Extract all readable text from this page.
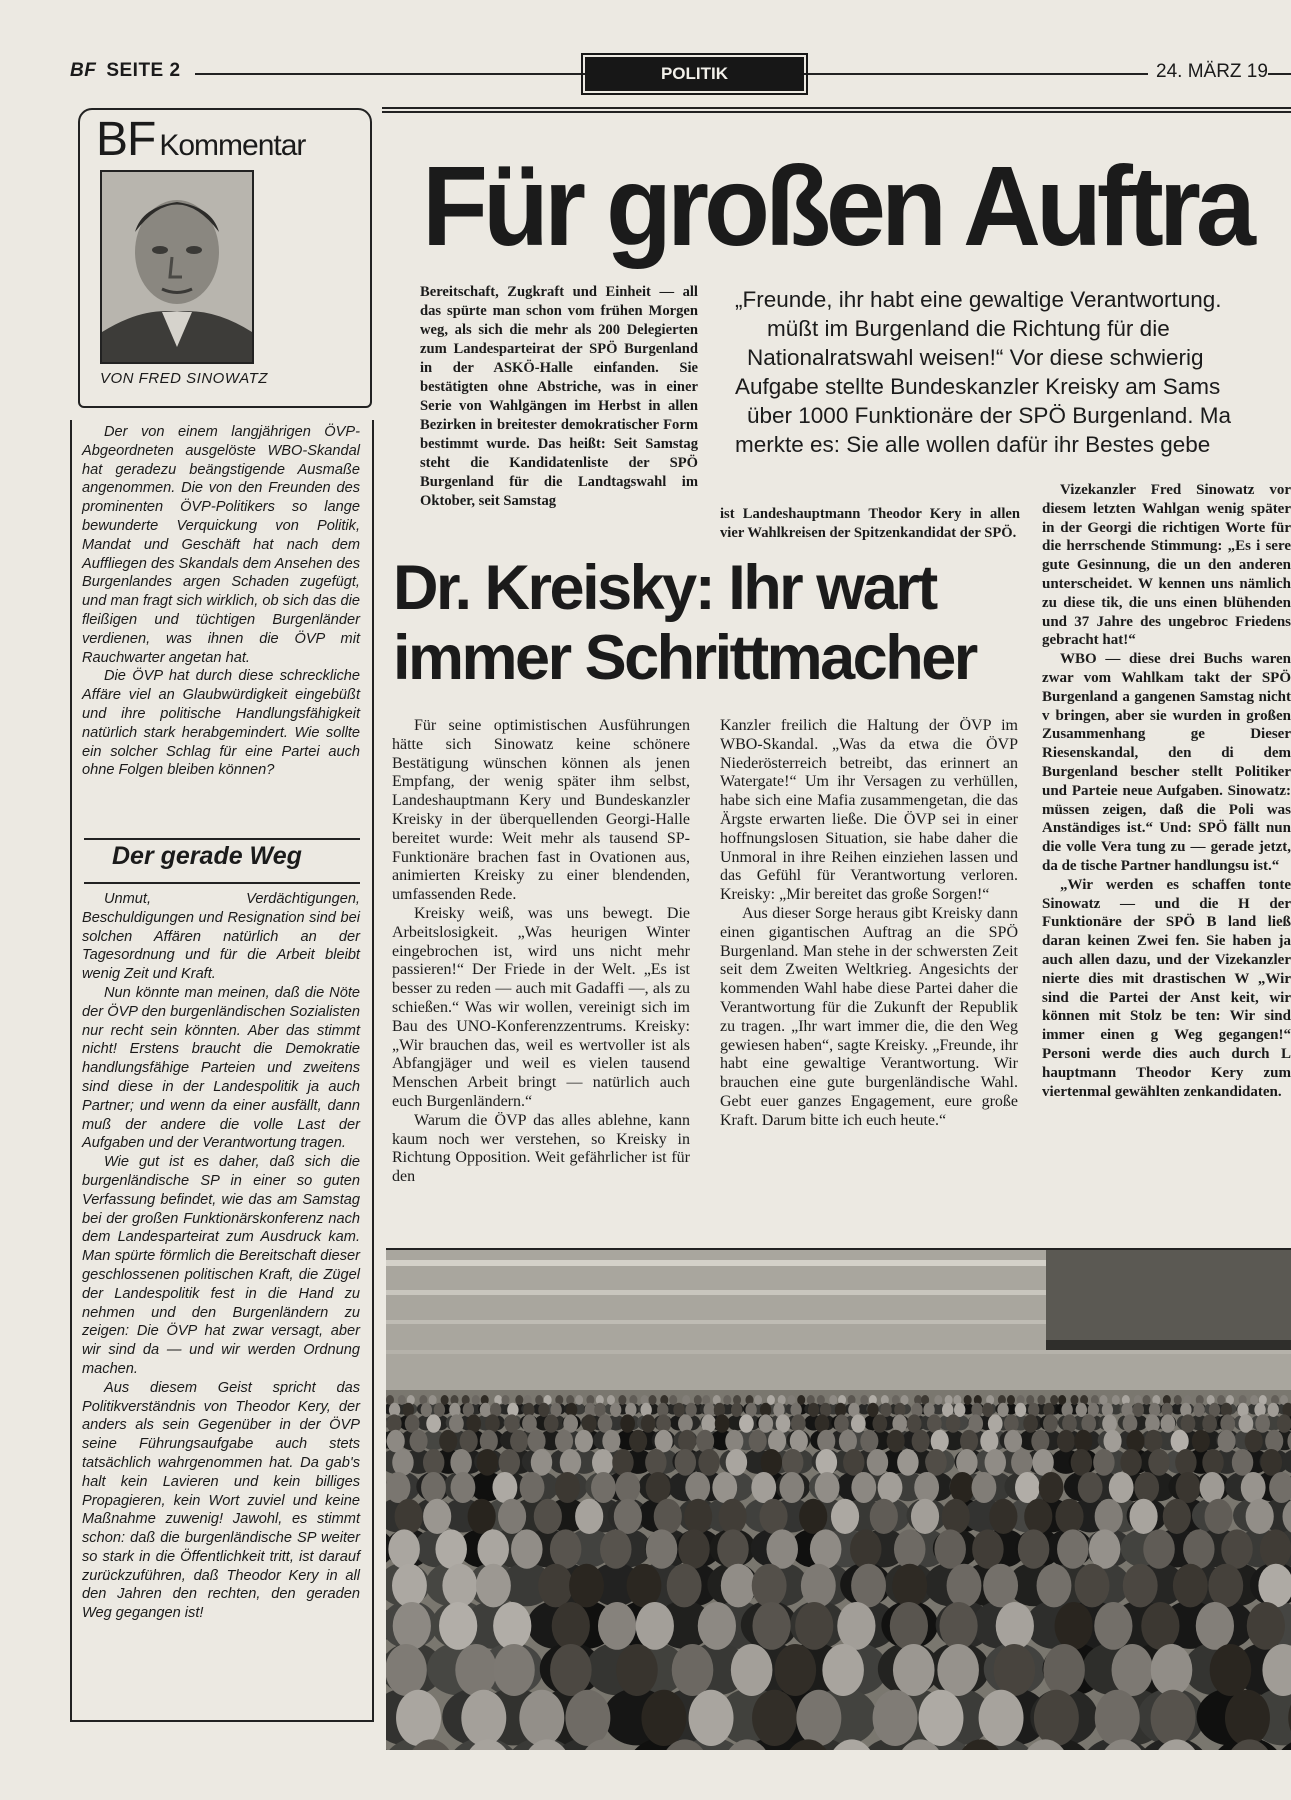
BF SEITE 2	POLITIK	24. MÄRZ 19
BF Kommentar
VON FRED SINOWATZ

Der von einem langjährigen ÖVP-Abgeordneten ausgelöste WBO-Skandal hat geradezu beängstigende Ausmaße angenommen. Die von den Freunden des prominenten ÖVP-Politikers so lange bewunderte Verquickung von Politik, Mandat und Geschäft hat nach dem Auffliegen des Skandals dem Ansehen des Burgenlandes argen Schaden zugefügt, und man fragt sich wirklich, ob sich das die fleißigen und tüchtigen Burgenländer verdienen, was ihnen die ÖVP mit Rauchwarter angetan hat.

Die ÖVP hat durch diese schreckliche Affäre viel an Glaubwürdigkeit eingebüßt und ihre politische Handlungsfähigkeit natürlich stark herabgemindert. Wie sollte ein solcher Schlag für eine Partei auch ohne Folgen bleiben können?

Der gerade Weg

Unmut, Verdächtigungen, Beschuldigungen und Resignation sind bei solchen Affären natürlich an der Tagesordnung und für die Arbeit bleibt wenig Zeit und Kraft.

Nun könnte man meinen, daß die Nöte der ÖVP den burgenländischen Sozialisten nur recht sein könnten. Aber das stimmt nicht! Erstens braucht die Demokratie handlungsfähige Parteien und zweitens sind diese in der Landespolitik ja auch Partner; und wenn da einer ausfällt, dann muß der andere die volle Last der Aufgaben und der Verantwortung tragen.

Wie gut ist es daher, daß sich die burgenländische SP in einer so guten Verfassung befindet, wie das am Samstag bei der großen Funktionärskonferenz nach dem Landesparteirat zum Ausdruck kam. Man spürte förmlich die Bereitschaft dieser geschlossenen politischen Kraft, die Zügel der Landespolitik fest in die Hand zu nehmen und den Burgenländern zu zeigen: Die ÖVP hat zwar versagt, aber wir sind da — und wir werden Ordnung machen.

Aus diesem Geist spricht das Politikverständnis von Theodor Kery, der anders als sein Gegenüber in der ÖVP seine Führungsaufgabe auch stets tatsächlich wahrgenommen hat. Da gab's halt kein Lavieren und kein billiges Propagieren, kein Wort zuviel und keine Maßnahme zuwenig! Jawohl, es stimmt schon: daß die burgenländische SP weiter so stark in die Öffentlichkeit tritt, ist darauf zurückzuführen, daß Theodor Kery in all den Jahren den rechten, den geraden Weg gegangen ist!

Für großen Auftra
Bereitschaft, Zugkraft und Einheit — all das spürte man schon vom frühen Morgen weg, als sich die mehr als 200 Delegierten zum Landesparteirat der SPÖ Burgenland in der ASKÖ-Halle einfanden. Sie bestätigten ohne Abstriche, was in einer Serie von Wahlgängen im Herbst in allen Bezirken in breitester demokratischer Form bestimmt wurde. Das heißt: Seit Samstag steht die Kandidatenliste der SPÖ Burgenland für die Landtagswahl im Oktober, seit Samstag
„Freunde, ihr habt eine gewaltige Verantwortung.
müßt im Burgenland die Richtung für die
Nationalratswahl weisen!“ Vor diese schwierig
Aufgabe stellte Bundeskanzler Kreisky am Sams
über 1000 Funktionäre der SPÖ Burgenland. Ma
merkte es: Sie alle wollen dafür ihr Bestes gebe
ist Landeshauptmann Theodor Kery in allen vier Wahlkreisen der Spitzenkandidat der SPÖ.
Dr. Kreisky: Ihr wart
immer Schrittmacher

Für seine optimistischen Ausführungen hätte sich Sinowatz keine schönere Bestätigung wünschen können als jenen Empfang, der wenig später ihm selbst, Landeshauptmann Kery und Bundeskanzler Kreisky in der überquellenden Georgi-Halle bereitet wurde: Weit mehr als tausend SP-Funktionäre brachen fast in Ovationen aus, animierten Kreisky zu einer blendenden, umfassenden Rede.

Kreisky weiß, was uns bewegt. Die Arbeitslosigkeit. „Was heurigen Winter eingebrochen ist, wird uns nicht mehr passieren!“ Der Friede in der Welt. „Es ist besser zu reden — auch mit Gadaffi —, als zu schießen.“ Was wir wollen, vereinigt sich im Bau des UNO-Konferenzzentrums. Kreisky: „Wir brauchen das, weil es wertvoller ist als Abfangjäger und weil es vielen tausend Menschen Arbeit bringt — natürlich auch euch Burgenländern.“

Warum die ÖVP das alles ablehne, kann kaum noch wer verstehen, so Kreisky in Richtung Opposition. Weit gefährlicher ist für den

Kanzler freilich die Haltung der ÖVP im WBO-Skandal. „Was da etwa die ÖVP Niederösterreich betreibt, das erinnert an Watergate!“ Um ihr Versagen zu verhüllen, habe sich eine Mafia zusammengetan, die das Ärgste erwarten ließe. Die ÖVP sei in einer hoffnungslosen Situation, sie habe daher die Unmoral in ihre Reihen einziehen lassen und das Gefühl für Verantwortung verloren. Kreisky: „Mir bereitet das große Sorgen!“

Aus dieser Sorge heraus gibt Kreisky dann einen gigantischen Auftrag an die SPÖ Burgenland. Man stehe in der schwersten Zeit seit dem Zweiten Weltkrieg. Angesichts der kommenden Wahl habe diese Partei daher die Verantwortung für die Zukunft der Republik zu tragen. „Ihr wart immer die, die den Weg gewiesen haben“, sagte Kreisky. „Freunde, ihr habt eine gewaltige Verantwortung. Wir brauchen eine gute burgenländische Wahl. Gebt euer ganzes Engagement, eure große Kraft. Darum bitte ich euch heute.“

Vizekanzler Fred Sinowatz vor diesem letzten Wahlgan wenig später in der Georgi die richtigen Worte für die herrschende Stimmung: „Es i sere gute Gesinnung, die un den anderen unterscheidet. W kennen uns nämlich zu diese tik, die uns einen blühenden und 37 Jahre des ungebroc Friedens gebracht hat!“

WBO — diese drei Buchs waren zwar vom Wahlkam takt der SPÖ Burgenland a gangenen Samstag nicht v bringen, aber sie wurden in großen Zusammenhang ge Dieser Riesenskandal, den di dem Burgenland bescher stellt Politiker und Parteie neue Aufgaben. Sinowatz: müssen zeigen, daß die Poli was Anständiges ist.“ Und: SPÖ fällt nun die volle Vera tung zu — gerade jetzt, da de tische Partner handlungsu ist.“

„Wir werden es schaffen tonte Sinowatz — und die H der Funktionäre der SPÖ B land ließ daran keinen Zwei fen. Sie haben ja auch allen dazu, und der Vizekanzler nierte dies mit drastischen W „Wir sind die Partei der Anst keit, wir können mit Stolz be ten: Wir sind immer einen g Weg gegangen!“ Personi werde dies auch durch L hauptmann Theodor Kery zum viertenmal gewählten zenkandidaten.
